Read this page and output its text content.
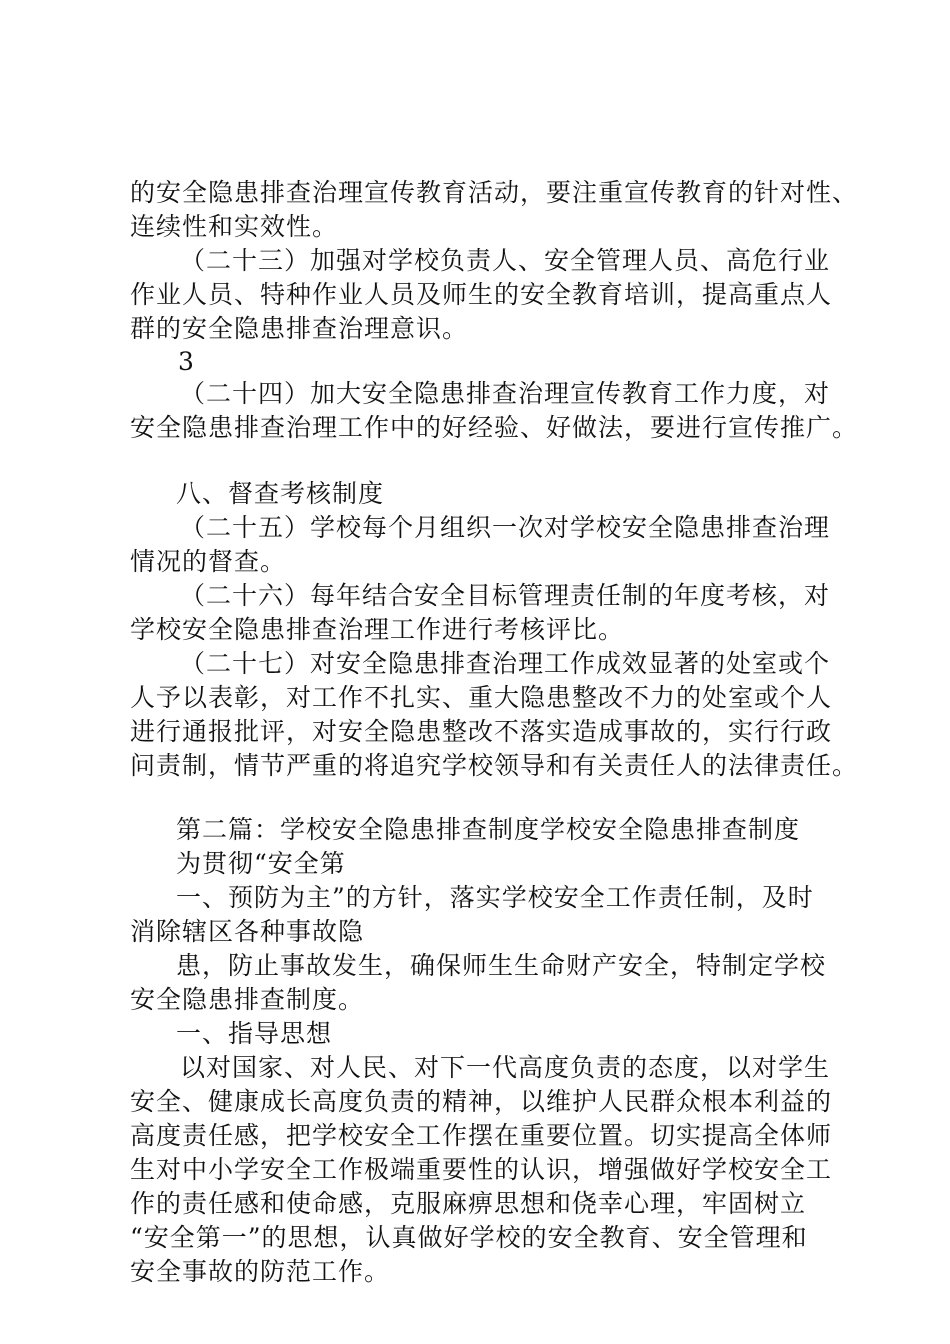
的安全隐患排查治理宣传教育活动，要注重宣传教育的针对性、
连续性和实效性。
（二十三）加强对学校负责人、安全管理人员、高危行业
作业人员、特种作业人员及师生的安全教育培训，提高重点人
群的安全隐患排查治理意识。
3
（二十四）加大安全隐患排查治理宣传教育工作力度，对
安全隐患排查治理工作中的好经验、好做法，要进行宣传推广。
八、督查考核制度
（二十五）学校每个月组织一次对学校安全隐患排查治理
情况的督查。
（二十六）每年结合安全目标管理责任制的年度考核，对
学校安全隐患排查治理工作进行考核评比。
（二十七）对安全隐患排查治理工作成效显著的处室或个
人予以表彰，对工作不扎实、重大隐患整改不力的处室或个人
进行通报批评，对安全隐患整改不落实造成事故的，实行行政
问责制，情节严重的将追究学校领导和有关责任人的法律责任。
第二篇：学校安全隐患排查制度学校安全隐患排查制度
为贯彻“安全第
一、预防为主”的方针，落实学校安全工作责任制，及时
消除辖区各种事故隐
患，防止事故发生，确保师生生命财产安全，特制定学校
安全隐患排查制度。
一、指导思想
以对国家、对人民、对下一代高度负责的态度，以对学生
安全、健康成长高度负责的精神，以维护人民群众根本利益的
高度责任感，把学校安全工作摆在重要位置。切实提高全体师
生对中小学安全工作极端重要性的认识，增强做好学校安全工
作的责任感和使命感，克服麻痹思想和侥幸心理，牢固树立
“安全第一”的思想，认真做好学校的安全教育、安全管理和
安全事故的防范工作。
